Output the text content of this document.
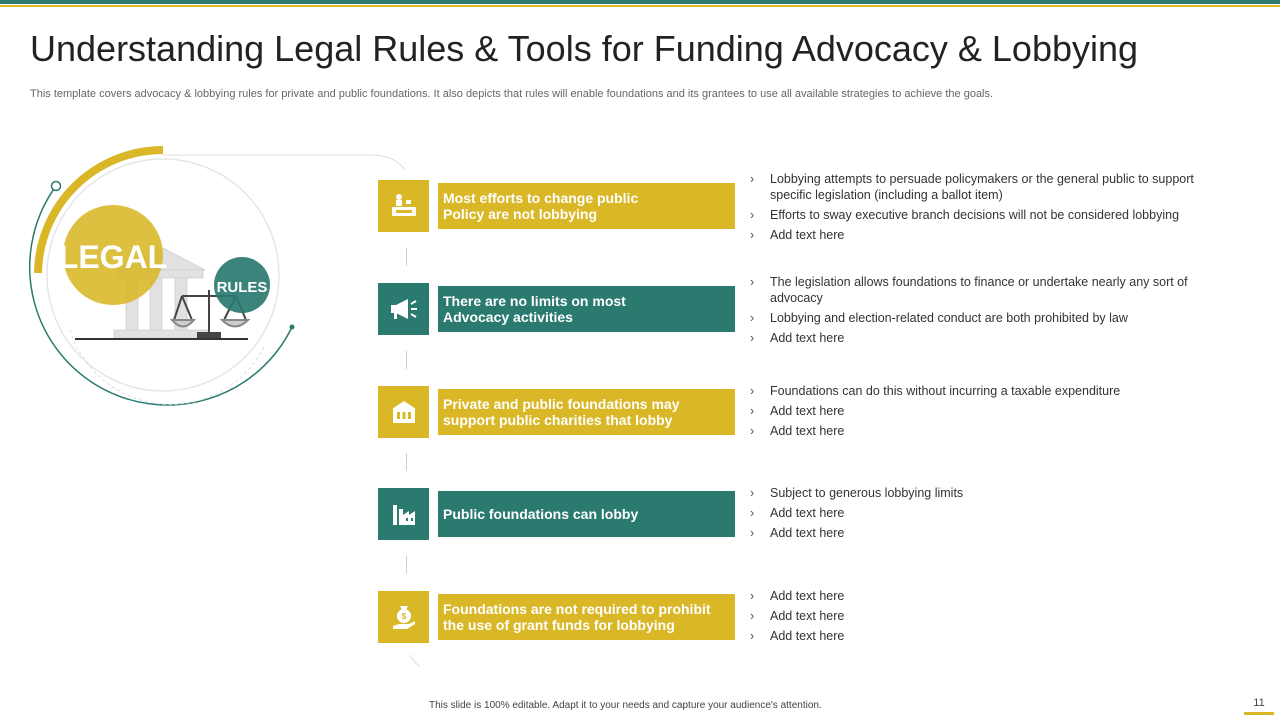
Understanding Legal Rules & Tools for Funding Advocacy & Lobbying
This template covers advocacy & lobbying rules for private and public foundations. It also depicts that rules will enable foundations and its grantees to use all available strategies to achieve the goals.
LEGAL
RULES
Most efforts to change public
Policy are not lobbying
› Lobbying attempts to persuade policymakers or the general public to support specific legislation (including a ballot item)
› Efforts to sway executive branch decisions will not be considered lobbying
› Add text here
There are no limits on most
Advocacy activities
› The legislation allows foundations to finance or undertake nearly any sort of advocacy
› Lobbying and election-related conduct are both prohibited by law
› Add text here
Private and public foundations may
support public charities that lobby
› Foundations can do this without incurring a taxable expenditure
› Add text here
› Add text here
Public foundations can lobby
› Subject to generous lobbying limits
› Add text here
› Add text here
$	Foundations are not required to prohibit
the use of grant funds for lobbying
› Add text here
› Add text here
› Add text here
This slide is 100% editable. Adapt it to your needs and capture your audience's attention.	11
